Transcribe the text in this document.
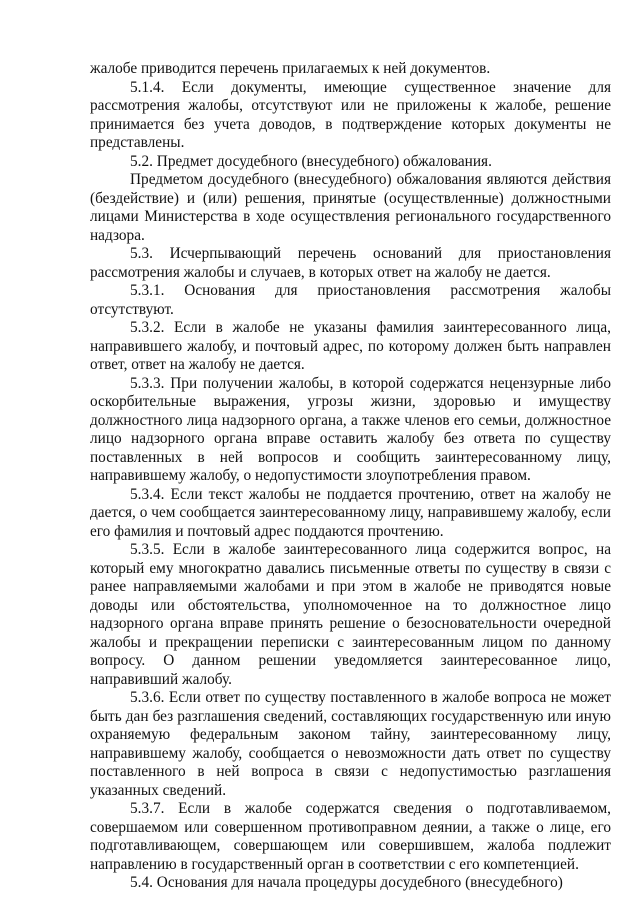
жалобе приводится перечень прилагаемых к ней документов.

5.1.4. Если документы, имеющие существенное значение для рассмотрения жалобы, отсутствуют или не приложены к жалобе, решение принимается без учета доводов, в подтверждение которых документы не представлены.

5.2. Предмет досудебного (внесудебного) обжалования.

Предметом досудебного (внесудебного) обжалования являются действия (бездействие) и (или) решения, принятые (осуществленные) должностными лицами Министерства в ходе осуществления регионального государственного надзора.

5.3. Исчерпывающий перечень оснований для приостановления рассмотрения жалобы и случаев, в которых ответ на жалобу не дается.

5.3.1. Основания для приостановления рассмотрения жалобы отсутствуют.

5.3.2. Если в жалобе не указаны фамилия заинтересованного лица, направившего жалобу, и почтовый адрес, по которому должен быть направлен ответ, ответ на жалобу не дается.

5.3.3. При получении жалобы, в которой содержатся нецензурные либо оскорбительные выражения, угрозы жизни, здоровью и имуществу должностного лица надзорного органа, а также членов его семьи, должностное лицо надзорного органа вправе оставить жалобу без ответа по существу поставленных в ней вопросов и сообщить заинтересованному лицу, направившему жалобу, о недопустимости злоупотребления правом.

5.3.4. Если текст жалобы не поддается прочтению, ответ на жалобу не дается, о чем сообщается заинтересованному лицу, направившему жалобу, если его фамилия и почтовый адрес поддаются прочтению.

5.3.5. Если в жалобе заинтересованного лица содержится вопрос, на который ему многократно давались письменные ответы по существу в связи с ранее направляемыми жалобами и при этом в жалобе не приводятся новые доводы или обстоятельства, уполномоченное на то должностное лицо надзорного органа вправе принять решение о безосновательности очередной жалобы и прекращении переписки с заинтересованным лицом по данному вопросу. О данном решении уведомляется заинтересованное лицо, направивший жалобу.

5.3.6. Если ответ по существу поставленного в жалобе вопроса не может быть дан без разглашения сведений, составляющих государственную или иную охраняемую федеральным законом тайну, заинтересованному лицу, направившему жалобу, сообщается о невозможности дать ответ по существу поставленного в ней вопроса в связи с недопустимостью разглашения указанных сведений.

5.3.7. Если в жалобе содержатся сведения о подготавливаемом, совершаемом или совершенном противоправном деянии, а также о лице, его подготавливающем, совершающем или совершившем, жалоба подлежит направлению в государственный орган в соответствии с его компетенцией.

5.4. Основания для начала процедуры досудебного (внесудебного)
